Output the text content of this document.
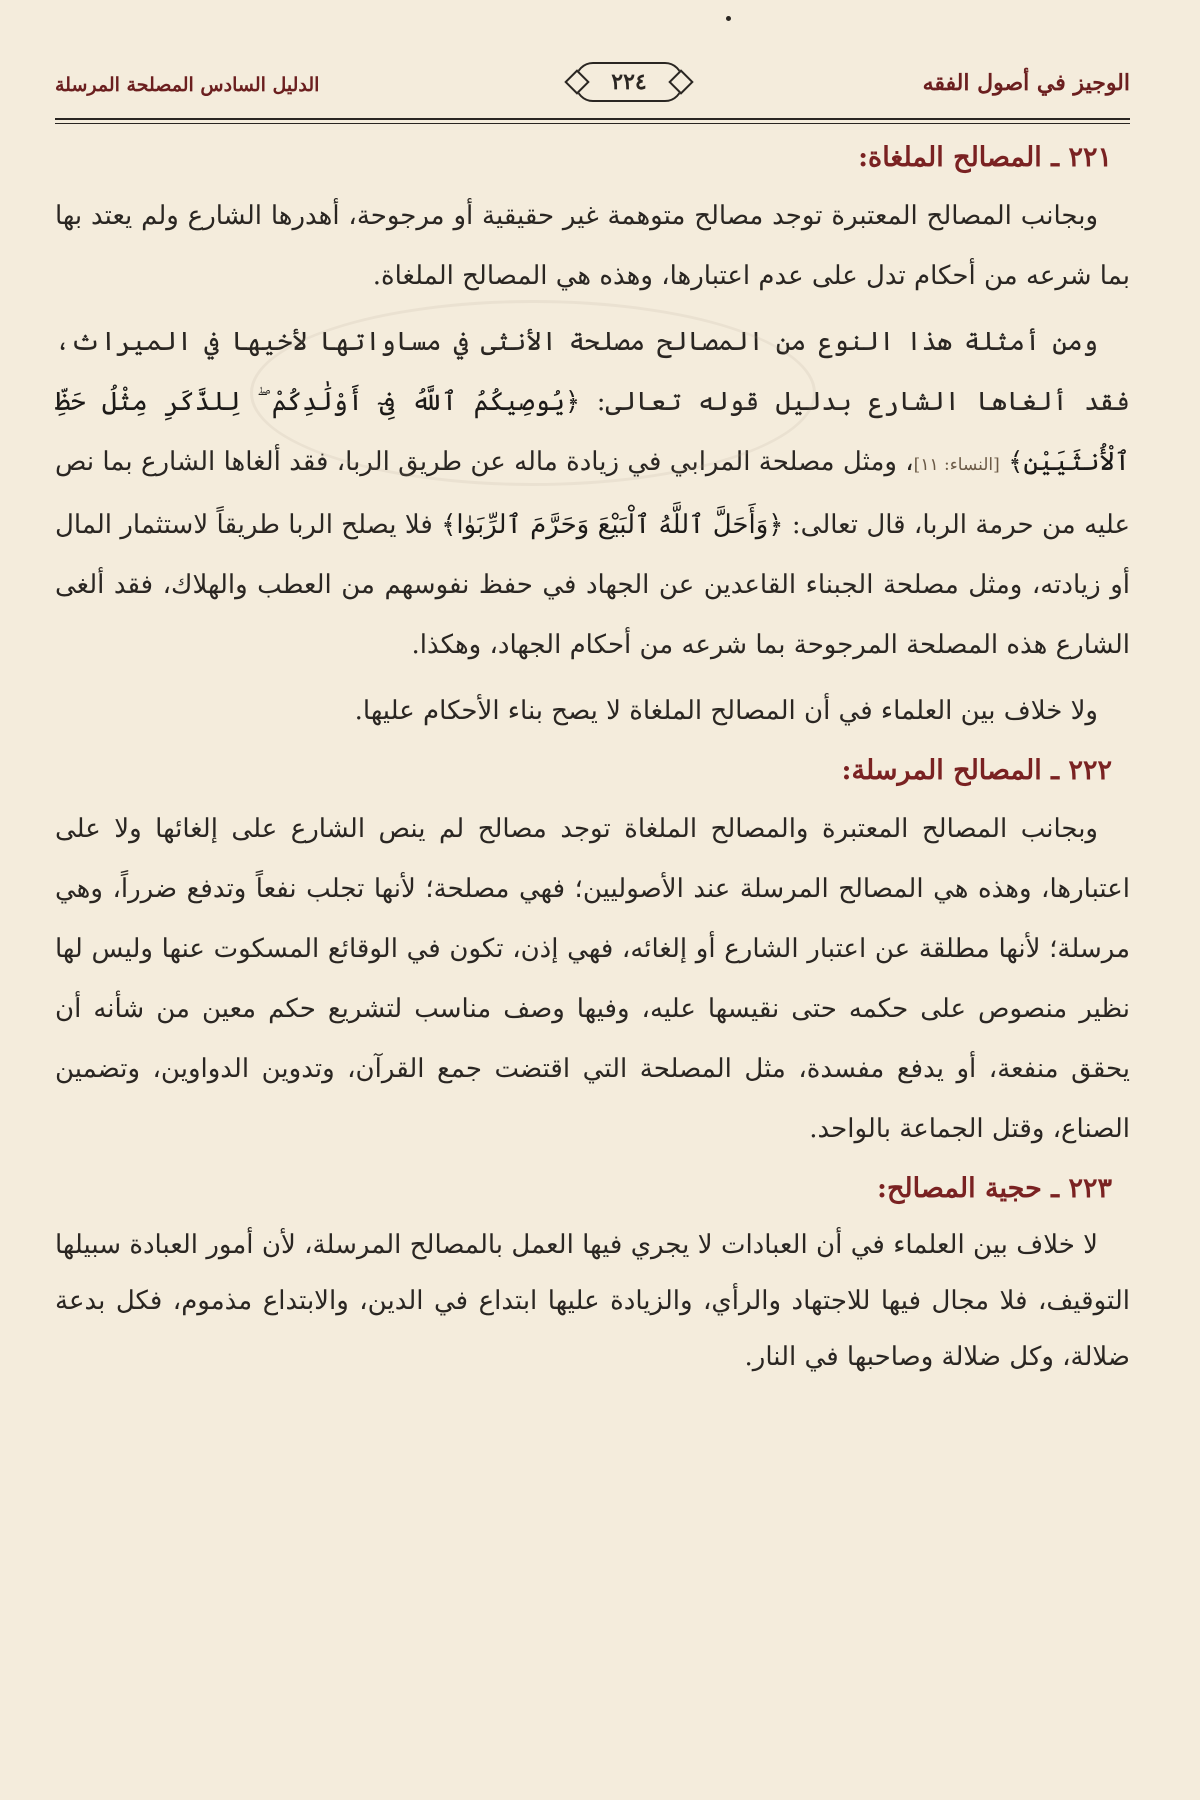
الوجيز في أصول الفقه
٢٢٤
الدليل السادس المصلحة المرسلة
٢٢١ ـ المصالح الملغاة:

وبجانب المصالح المعتبرة توجد مصالح متوهمة غير حقيقية أو مرجوحة، أهدرها الشارع ولم يعتد بها بما شرعه من أحكام تدل على عدم اعتبارها، وهذه هي المصالح الملغاة.

ومن أمثلة هذا النوع من المصالح مصلحة الأنثى في مساواتها لأخيها في الميراث، فقد ألغاها الشارع بدليل قوله تعالى: ﴿يُوصِيكُمُ ٱللَّهُ فِىٓ أَوْلَٰدِكُمْ ۖ لِلذَّكَرِ مِثْلُ حَظِّ ٱلْأُنثَيَيْنِ﴾ [النساء: ١١]، ومثل مصلحة المرابي في زيادة ماله عن طريق الربا، فقد ألغاها الشارع بما نص عليه من حرمة الربا، قال تعالى: ﴿وَأَحَلَّ ٱللَّهُ ٱلْبَيْعَ وَحَرَّمَ ٱلرِّبَوٰا﴾ فلا يصلح الربا طريقاً لاستثمار المال أو زيادته، ومثل مصلحة الجبناء القاعدين عن الجهاد في حفظ نفوسهم من العطب والهلاك، فقد ألغى الشارع هذه المصلحة المرجوحة بما شرعه من أحكام الجهاد، وهكذا.

ولا خلاف بين العلماء في أن المصالح الملغاة لا يصح بناء الأحكام عليها.

٢٢٢ ـ المصالح المرسلة:

وبجانب المصالح المعتبرة والمصالح الملغاة توجد مصالح لم ينص الشارع على إلغائها ولا على اعتبارها، وهذه هي المصالح المرسلة عند الأصوليين؛ فهي مصلحة؛ لأنها تجلب نفعاً وتدفع ضرراً، وهي مرسلة؛ لأنها مطلقة عن اعتبار الشارع أو إلغائه، فهي إذن، تكون في الوقائع المسكوت عنها وليس لها نظير منصوص على حكمه حتى نقيسها عليه، وفيها وصف مناسب لتشريع حكم معين من شأنه أن يحقق منفعة، أو يدفع مفسدة، مثل المصلحة التي اقتضت جمع القرآن، وتدوين الدواوين، وتضمين الصناع، وقتل الجماعة بالواحد.

٢٢٣ ـ حجية المصالح:

لا خلاف بين العلماء في أن العبادات لا يجري فيها العمل بالمصالح المرسلة، لأن أمور العبادة سبيلها التوقيف، فلا مجال فيها للاجتهاد والرأي، والزيادة عليها ابتداع في الدين، والابتداع مذموم، فكل بدعة ضلالة، وكل ضلالة وصاحبها في النار.
